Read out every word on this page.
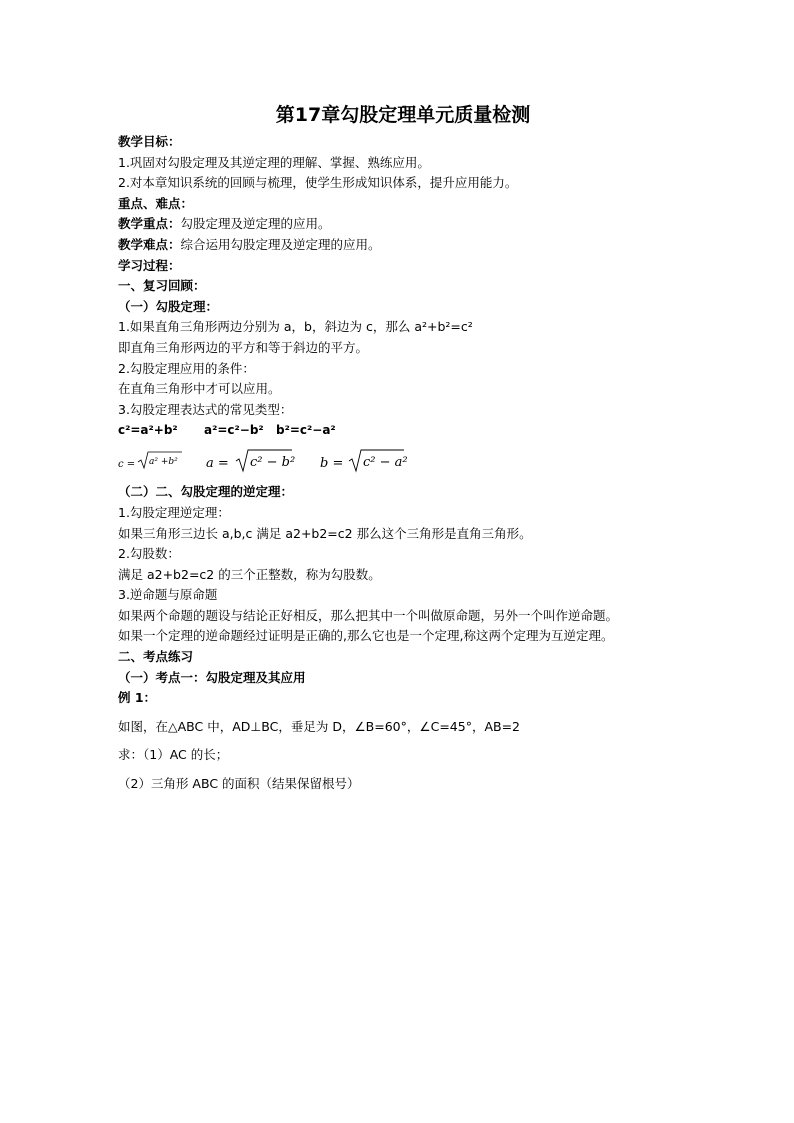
第17章勾股定理单元质量检测

教学目标：

1.巩固对勾股定理及其逆定理的理解、掌握、熟练应用。

2.对本章知识系统的回顾与梳理，使学生形成知识体系，提升应用能力。

重点、难点：

教学重点：勾股定理及逆定理的应用。

教学难点：综合运用勾股定理及逆定理的应用。

学习过程：

一、复习回顾：

（一）勾股定理：

1.如果直角三角形两边分别为 a，b，斜边为 c，那么 a²+b²=c²

即直角三角形两边的平方和等于斜边的平方。

2.勾股定理应用的条件：

在直角三角形中才可以应用。

3.勾股定理表达式的常见类型：

c²=a²+b² a²=c²−b² b²=c²−a²

c = a² +b² a = c² − b² b = c² − a²

（二）二、勾股定理的逆定理：

1.勾股定理逆定理：

如果三角形三边长 a,b,c 满足 a2+b2=c2 那么这个三角形是直角三角形。

2.勾股数：

满足 a2+b2=c2 的三个正整数，称为勾股数。

3.逆命题与原命题

如果两个命题的题设与结论正好相反，那么把其中一个叫做原命题，另外一个叫作逆命题。

如果一个定理的逆命题经过证明是正确的,那么它也是一个定理,称这两个定理为互逆定理。

二、考点练习

（一）考点一：勾股定理及其应用

例 1：

如图，在△ABC 中，AD⊥BC，垂足为 D，∠B=60°，∠C=45°，AB=2

求：（1）AC 的长；

（2）三角形 ABC 的面积（结果保留根号）
